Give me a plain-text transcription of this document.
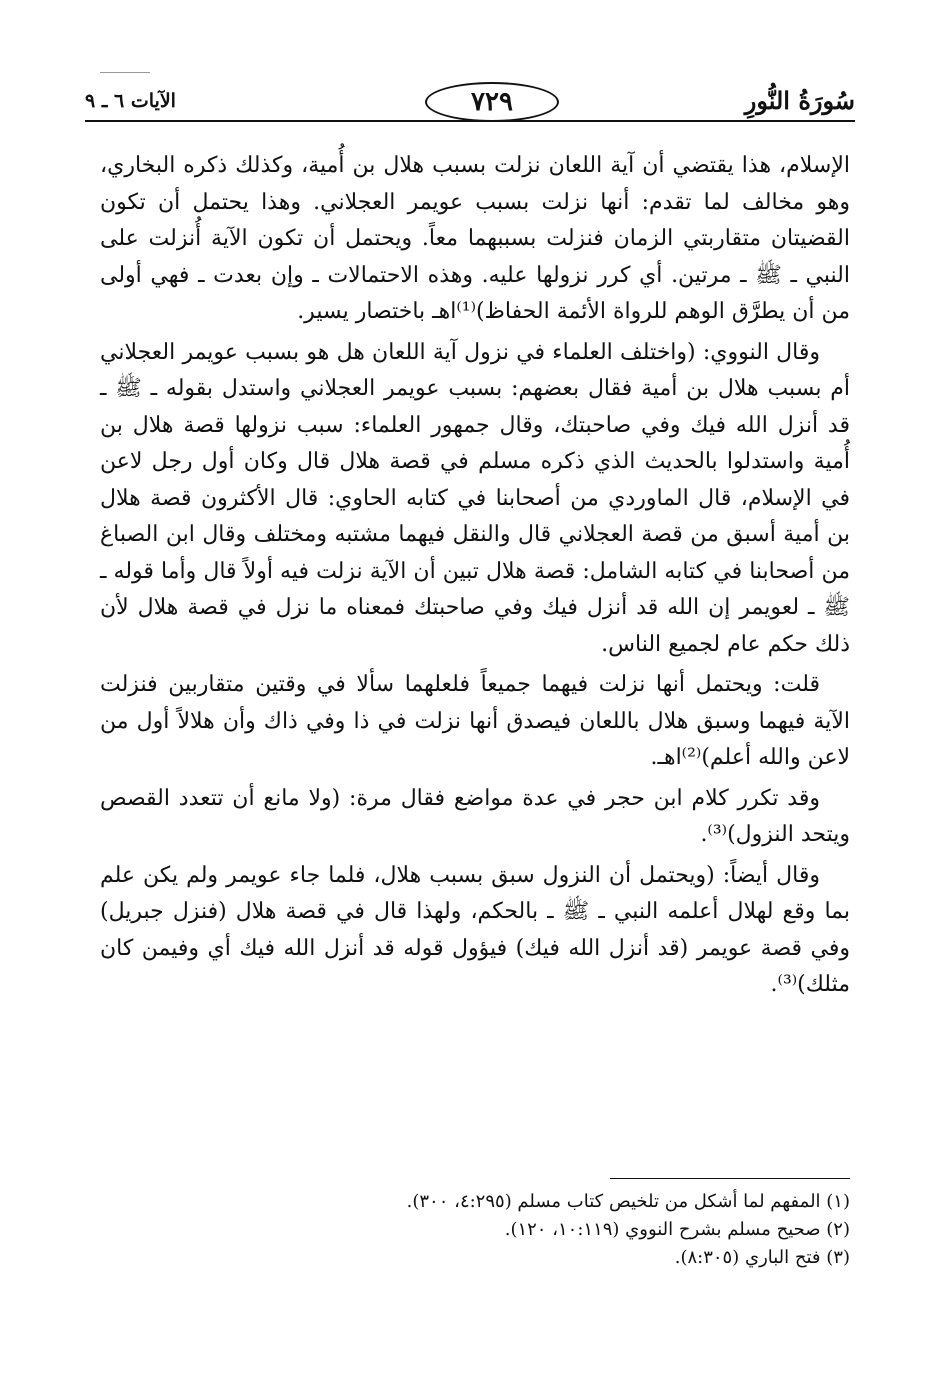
سُورَةُ النُّورِ
٧٢٩
الآيات ٦ ـ ٩

الإسلام، هذا يقتضي أن آية اللعان نزلت بسبب هلال بن أُمية، وكذلك ذكره البخاري، وهو مخالف لما تقدم: أنها نزلت بسبب عويمر العجلاني. وهذا يحتمل أن تكون القضيتان متقاربتي الزمان فنزلت بسببهما معاً. ويحتمل أن تكون الآية أُنزلت على النبي ـ ﷺ ـ مرتين. أي كرر نزولها عليه. وهذه الاحتمالات ـ وإن بعدت ـ فهي أولى من أن يطرَّق الوهم للرواة الأئمة الحفاظ)⁽¹⁾اهـ باختصار يسير.

وقال النووي: (واختلف العلماء في نزول آية اللعان هل هو بسبب عويمر العجلاني أم بسبب هلال بن أمية فقال بعضهم: بسبب عويمر العجلاني واستدل بقوله ـ ﷺ ـ قد أنزل الله فيك وفي صاحبتك، وقال جمهور العلماء: سبب نزولها قصة هلال بن أُمية واستدلوا بالحديث الذي ذكره مسلم في قصة هلال قال وكان أول رجل لاعن في الإسلام، قال الماوردي من أصحابنا في كتابه الحاوي: قال الأكثرون قصة هلال بن أمية أسبق من قصة العجلاني قال والنقل فيهما مشتبه ومختلف وقال ابن الصباغ من أصحابنا في كتابه الشامل: قصة هلال تبين أن الآية نزلت فيه أولاً قال وأما قوله ـ ﷺ ـ لعويمر إن الله قد أنزل فيك وفي صاحبتك فمعناه ما نزل في قصة هلال لأن ذلك حكم عام لجميع الناس.

قلت: ويحتمل أنها نزلت فيهما جميعاً فلعلهما سألا في وقتين متقاربين فنزلت الآية فيهما وسبق هلال باللعان فيصدق أنها نزلت في ذا وفي ذاك وأن هلالاً أول من لاعن والله أعلم)⁽²⁾اهـ.

وقد تكرر كلام ابن حجر في عدة مواضع فقال مرة: (ولا مانع أن تتعدد القصص ويتحد النزول)⁽³⁾.

وقال أيضاً: (ويحتمل أن النزول سبق بسبب هلال، فلما جاء عويمر ولم يكن علم بما وقع لهلال أعلمه النبي ـ ﷺ ـ بالحكم، ولهذا قال في قصة هلال (فنزل جبريل) وفي قصة عويمر (قد أنزل الله فيك) فيؤول قوله قد أنزل الله فيك أي وفيمن كان مثلك)⁽³⁾.

(١) المفهم لما أشكل من تلخيص كتاب مسلم (٤:٢٩٥، ٣٠٠).
(٢) صحيح مسلم بشرح النووي (١٠:١١٩، ١٢٠).
(٣) فتح الباري (٨:٣٠٥).
